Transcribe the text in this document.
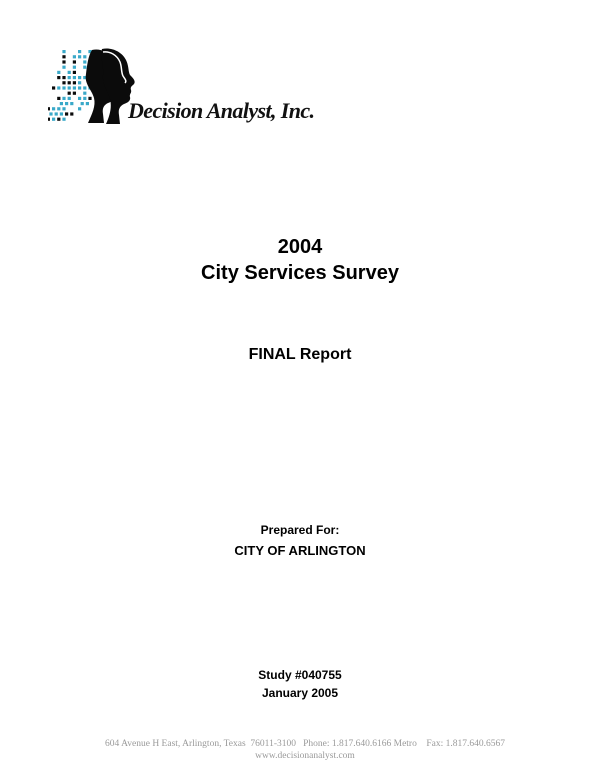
Decision Analyst, Inc.
2004
City Services Survey
FINAL Report
Prepared For:
CITY OF ARLINGTON
Study #040755
January 2005
604 Avenue H East, Arlington, Texas  76011-3100   Phone: 1.817.640.6166 Metro    Fax: 1.817.640.6567
www.decisionanalyst.com
